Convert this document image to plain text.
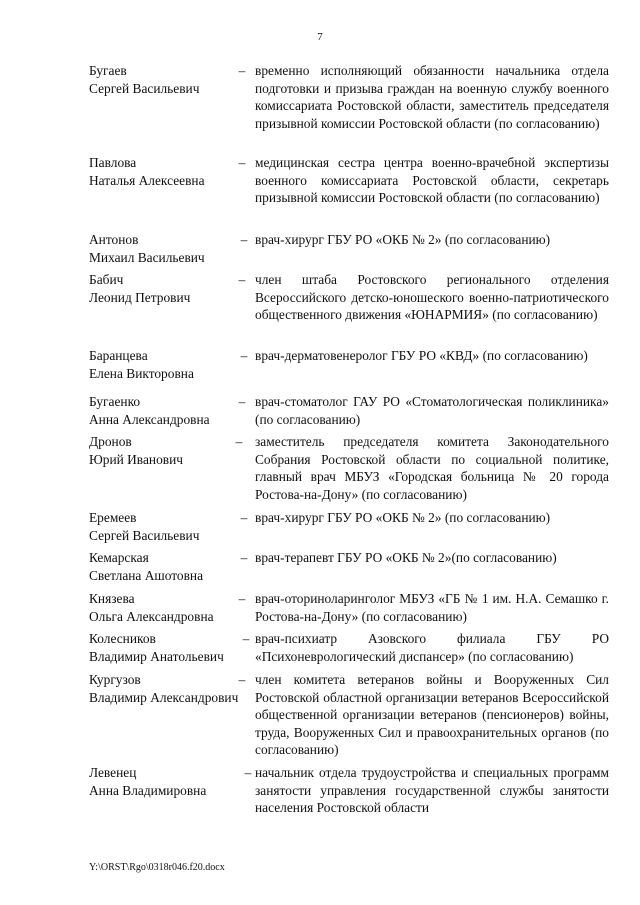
7
Бугаев
Сергей Васильевич
– временно исполняющий обязанности начальника отдела подготовки и призыва граждан на военную службу военного комиссариата Ростовской области, заместитель председателя призывной комиссии Ростовской области (по согласованию)
Павлова
Наталья Алексеевна
– медицинская сестра центра военно-врачебной экспертизы военного комиссариата Ростовской области, секретарь призывной комиссии Ростовской области (по согласованию)
Антонов
Михаил Васильевич
– врач-хирург ГБУ РО «ОКБ № 2» (по согласованию)
Бабич
Леонид Петрович
– член штаба Ростовского регионального отделения Всероссийского детско-юношеского военно-патриотического общественного движения «ЮНАРМИЯ» (по согласованию)
Баранцева
Елена Викторовна
– врач-дерматовенеролог ГБУ РО «КВД» (по согласованию)
Бугаенко
Анна Александровна
– врач-стоматолог ГАУ РО «Стоматологическая поликлиника» (по согласованию)
Дронов
Юрий Иванович
– заместитель председателя комитета Законодательного Собрания Ростовской области по социальной политике, главный врач МБУЗ «Городская больница № 20 города Ростова-на-Дону» (по согласованию)
Еремеев
Сергей Васильевич
– врач-хирург ГБУ РО «ОКБ № 2» (по согласованию)
Кемарская
Светлана Ашотовна
– врач-терапевт ГБУ РО «ОКБ № 2»(по согласованию)
Князева
Ольга Александровна
– врач-оториноларинголог МБУЗ «ГБ № 1 им. Н.А. Семашко г. Ростова-на-Дону» (по согласованию)
Колесников
Владимир Анатольевич
– врач-психиатр Азовского филиала ГБУ РО «Психоневрологический диспансер» (по согласованию)
Кургузов
Владимир Александрович
– член комитета ветеранов войны и Вооруженных Сил Ростовской областной организации ветеранов Всероссийской общественной организации ветеранов (пенсионеров) войны, труда, Вооруженных Сил и правоохранительных органов (по согласованию)
Левенец
Анна Владимировна
– начальник отдела трудоустройства и специальных программ занятости управления государственной службы занятости населения Ростовской области
Y:\ORST\Rgo\0318r046.f20.docx
